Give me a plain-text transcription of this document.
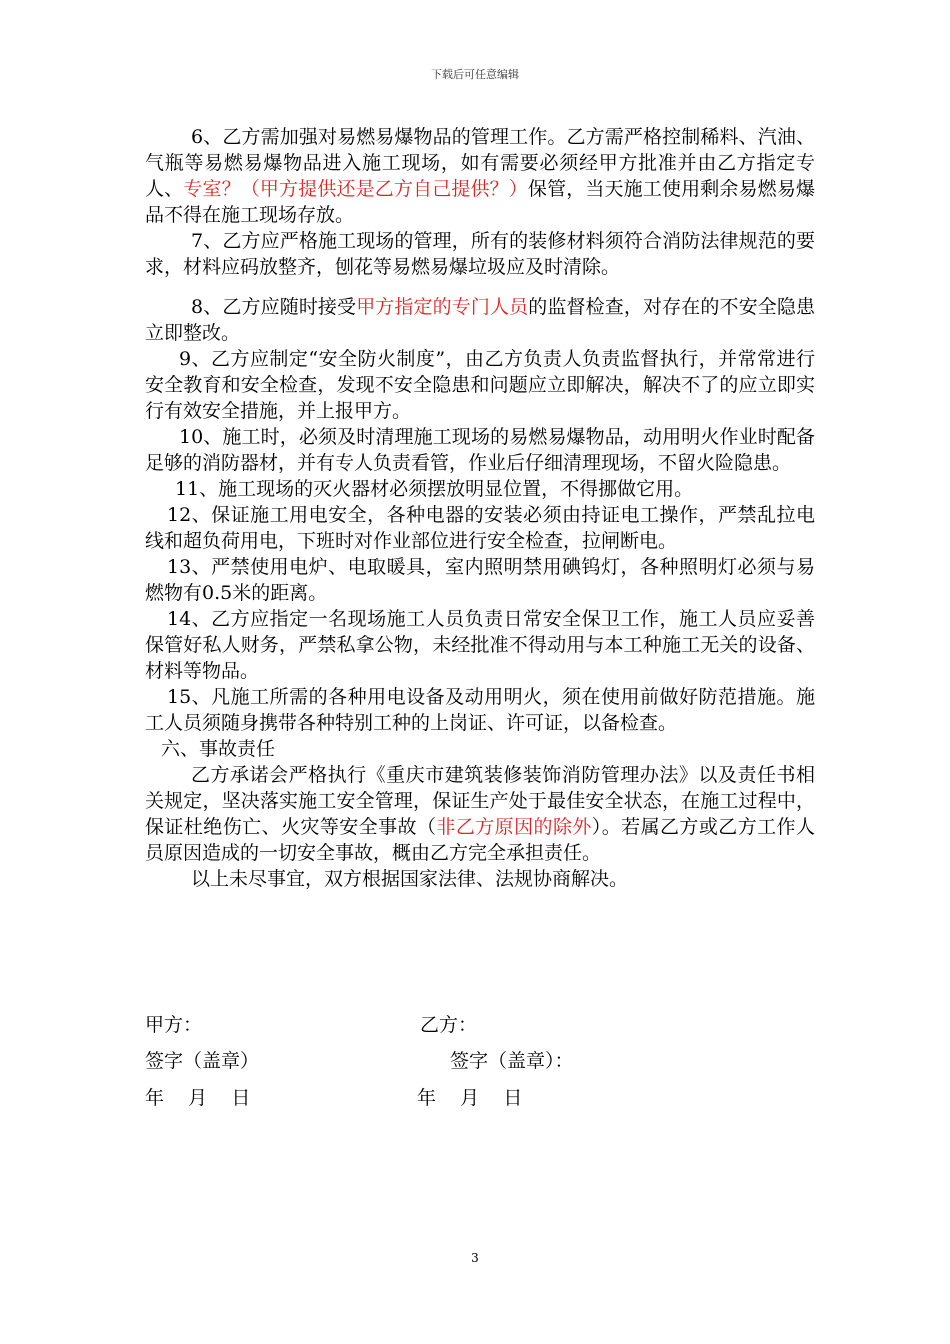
下载后可任意编辑

6、乙方需加强对易燃易爆物品的管理工作。乙方需严格控制稀料、汽油、气瓶等易燃易爆物品进入施工现场，如有需要必须经甲方批准并由乙方指定专人、专室？（甲方提供还是乙方自己提供？）保管，当天施工使用剩余易燃易爆品不得在施工现场存放。

7、乙方应严格施工现场的管理，所有的装修材料须符合消防法律规范的要求，材料应码放整齐，刨花等易燃易爆垃圾应及时清除。

8、乙方应随时接受甲方指定的专门人员的监督检查，对存在的不安全隐患立即整改。

9、乙方应制定“安全防火制度”，由乙方负责人负责监督执行，并常常进行安全教育和安全检查，发现不安全隐患和问题应立即解决，解决不了的应立即实行有效安全措施，并上报甲方。

10、施工时，必须及时清理施工现场的易燃易爆物品，动用明火作业时配备足够的消防器材，并有专人负责看管，作业后仔细清理现场，不留火险隐患。

11、施工现场的灭火器材必须摆放明显位置，不得挪做它用。

12、保证施工用电安全，各种电器的安装必须由持证电工操作，严禁乱拉电线和超负荷用电，下班时对作业部位进行安全检查，拉闸断电。

13、严禁使用电炉、电取暖具，室内照明禁用碘钨灯，各种照明灯必须与易燃物有0.5米的距离。

14、乙方应指定一名现场施工人员负责日常安全保卫工作，施工人员应妥善保管好私人财务，严禁私拿公物，未经批准不得动用与本工种施工无关的设备、材料等物品。

15、凡施工所需的各种用电设备及动用明火，须在使用前做好防范措施。施工人员须随身携带各种特别工种的上岗证、许可证，以备检查。

六、事故责任

乙方承诺会严格执行《重庆市建筑装修装饰消防管理办法》以及责任书相关规定，坚决落实施工安全管理，保证生产处于最佳安全状态，在施工过程中，保证杜绝伤亡、火灾等安全事故（非乙方原因的除外）。若属乙方或乙方工作人员原因造成的一切安全事故，概由乙方完全承担责任。

以上未尽事宜，双方根据国家法律、法规协商解决。

甲方：	乙方：
签字（盖章）	签字（盖章）：
年    月    日	年    月    日
3
